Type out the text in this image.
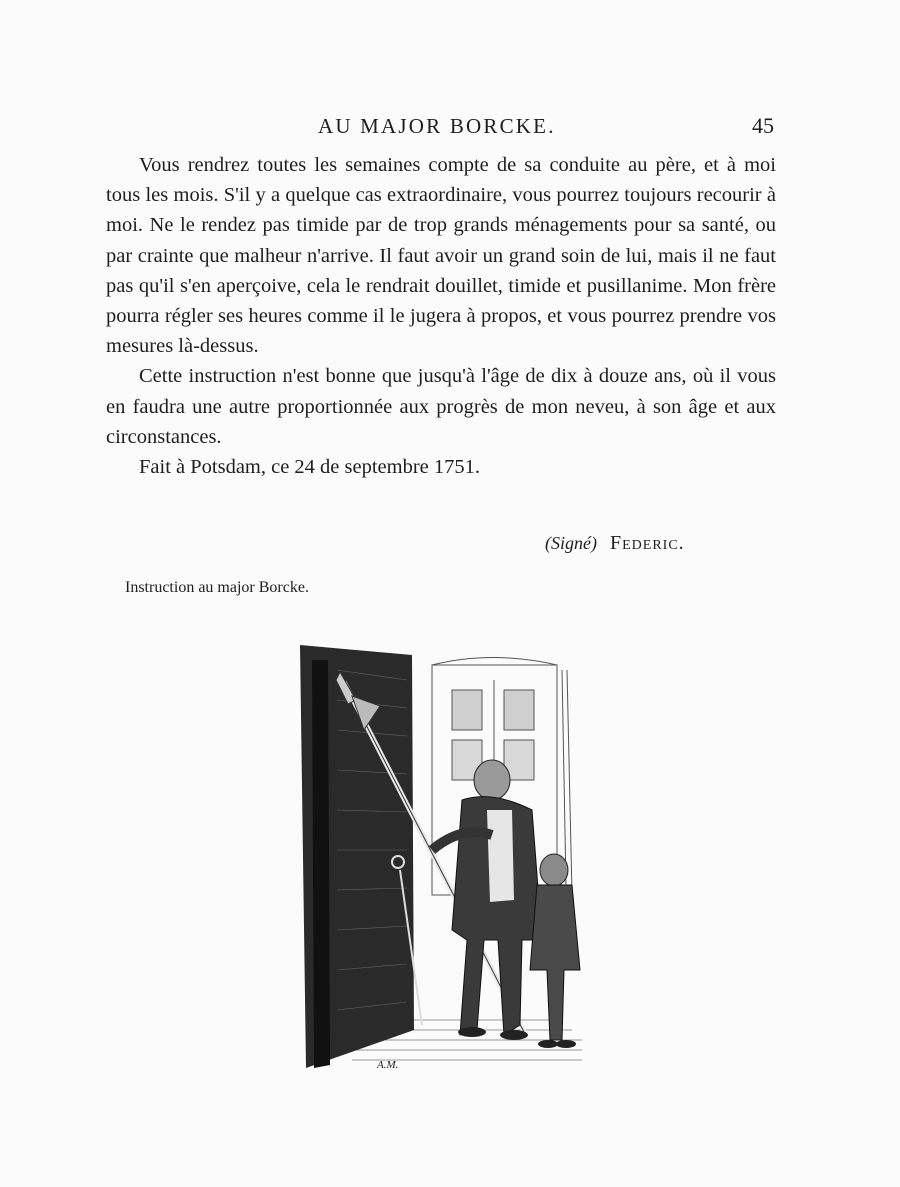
AU MAJOR BORCKE.	45

Vous rendrez toutes les semaines compte de sa conduite au père, et à moi tous les mois. S'il y a quelque cas extraordinaire, vous pourrez toujours recourir à moi. Ne le rendez pas timide par de trop grands ménagements pour sa santé, ou par crainte que malheur n'arrive. Il faut avoir un grand soin de lui, mais il ne faut pas qu'il s'en aperçoive, cela le rendrait douillet, timide et pusillanime. Mon frère pourra régler ses heures comme il le jugera à propos, et vous pourrez prendre vos mesures là-dessus.

Cette instruction n'est bonne que jusqu'à l'âge de dix à douze ans, où il vous en faudra une autre proportionnée aux progrès de mon neveu, à son âge et aux circonstances.

Fait à Potsdam, ce 24 de septembre 1751.

(Signé) Federic.
Instruction au major Borcke.
A.M.
